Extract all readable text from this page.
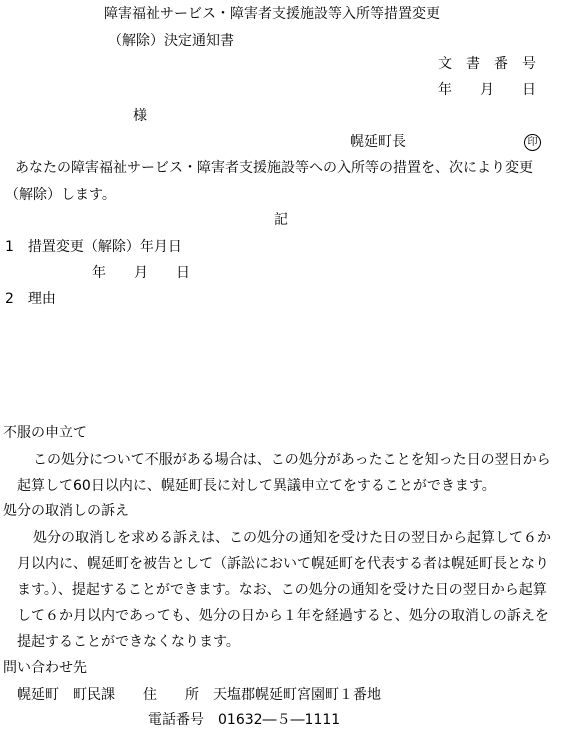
障害福祉サービス・障害者支援施設等入所等措置変更
（解除）決定通知書
文　書　番　号
年　　月　　日
様
幌延町長	印
あなたの障害福祉サービス・障害者支援施設等への入所等の措置を、次により変更
（解除）します。
記
1　措置変更（解除）年月日
年　　月　　日
2　理由
不服の申立て
この処分について不服がある場合は、この処分があったことを知った日の翌日から
起算して60日以内に、幌延町長に対して異議申立てをすることができます。
処分の取消しの訴え
処分の取消しを求める訴えは、この処分の通知を受けた日の翌日から起算して６か
月以内に、幌延町を被告として（訴訟において幌延町を代表する者は幌延町長となり
ます。）、提起することができます。なお、この処分の通知を受けた日の翌日から起算
して６か月以内であっても、処分の日から１年を経過すると、処分の取消しの訴えを
提起することができなくなります。
問い合わせ先
幌延町　町民課　　住　　所　天塩郡幌延町宮園町１番地
電話番号　01632―５―1111
